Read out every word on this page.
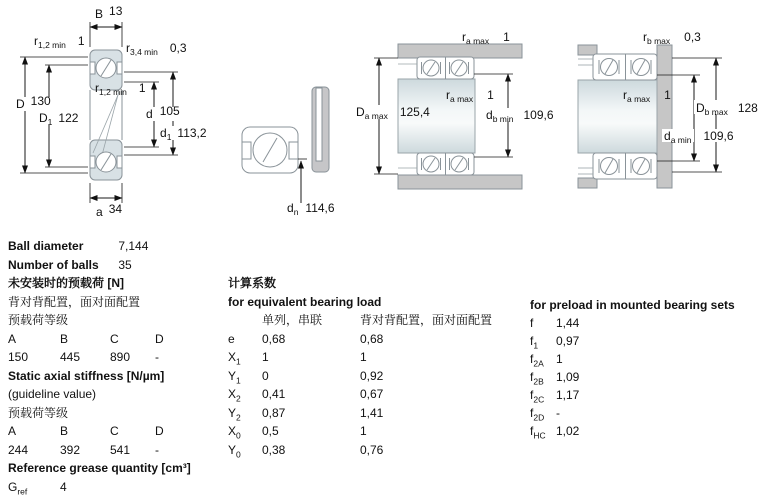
B 13
$r_{1,2 min}$ 1	$r_{3,4 min}$ 0,3
$r_{1,2 min}$ 1
D 130
$D_1$ 122	d 105
$d_1$ 113,2
a 34	$d_n$ 114,6
$r_{a max}$ 1
$r_{a max}$ 1
$D_{a max}$ 125,4	$d_{b min}$ 109,6
$r_{b max}$ 0,3
$r_{a max}$ 1
$D_{b max}$ 128
$d_{a min}$ 109,6
Ball diameter	7,144
Number of balls 35
未安装时的预载荷 [N]
背对背配置，面对面配置
预载荷等级
A	B	C	D
150	445 890 -
Static axial stiffness [N/µm]
(guideline value)
预载荷等级
A	B	C	D
244	392 541 -
Reference grease quantity [cm³]
$G_{ref}$	4
计算系数
for equivalent bearing load
单列，串联	背对背配置，面对面配置
e 0,68	0,68
$X_1$ 1	1
$Y_1$ 0	0,92
$X_2$ 0,41	0,67
$Y_2$ 0,87	1,41
$X_0$ 0,5	1
$Y_0$ 0,38	0,76
for preload in mounted bearing sets
f 1,44
$f_1$ 0,97
$f_{2A}$ 1
$f_{2B}$ 1,09
$f_{2C}$ 1,17
$f_{2D}$ -
$f_{HC}$ 1,02
